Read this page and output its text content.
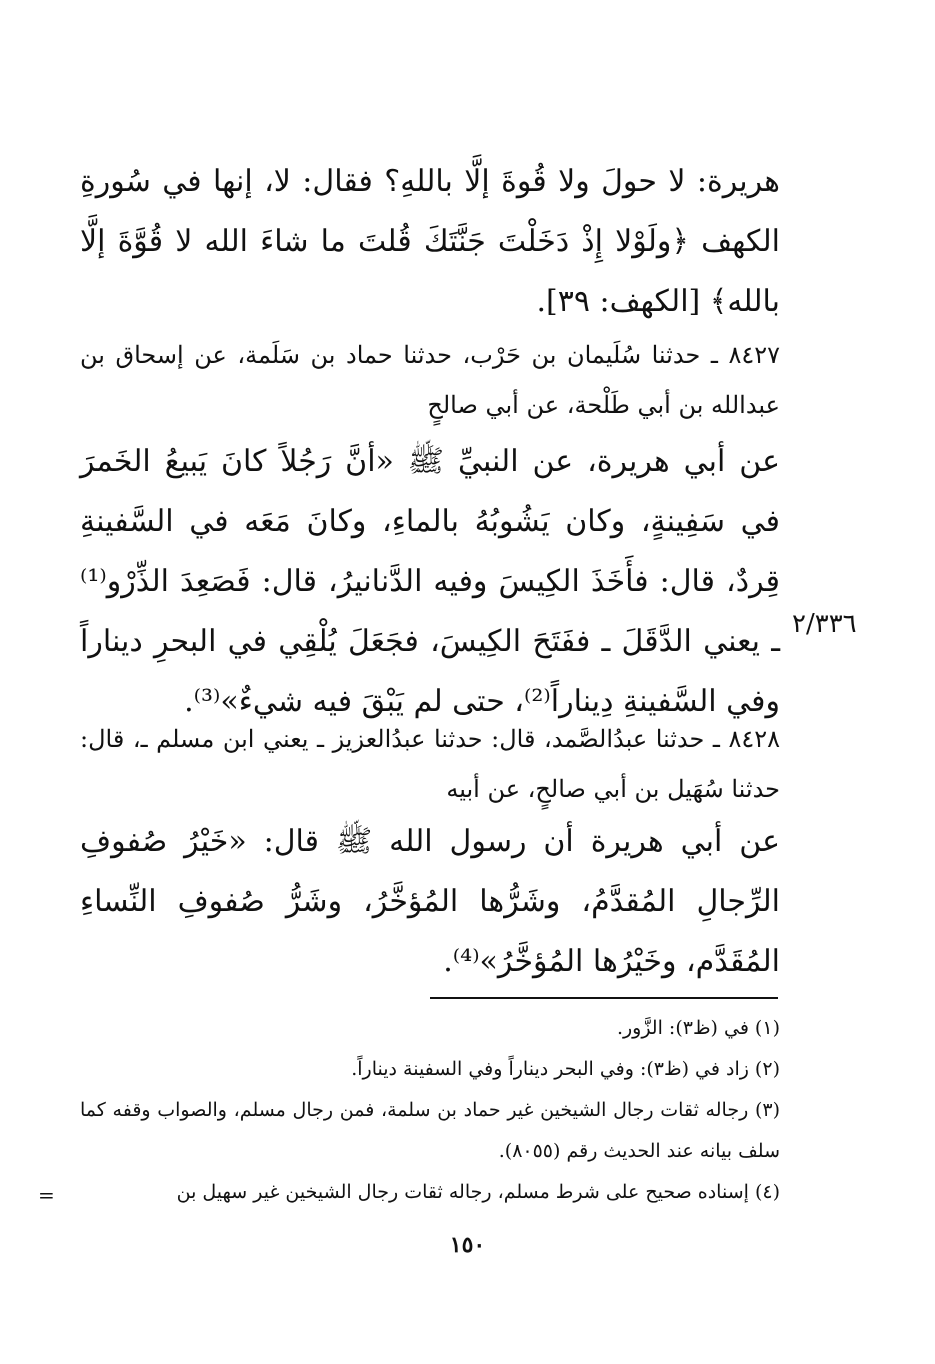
هريرة: لا حولَ ولا قُوةَ إلَّا باللهِ؟ فقال: لا، إنها في سُورةِ الكهف ﴿ولَوْلا إِذْ دَخَلْتَ جَنَّتَكَ قُلتَ ما شاءَ الله لا قُوَّةَ إلَّا بالله﴾ [الكهف: ٣٩].

٨٤٢٧ ـ حدثنا سُلَيمان بن حَرْب، حدثنا حماد بن سَلَمة، عن إسحاق بن عبدالله بن أبي طَلْحة، عن أبي صالحٍ

عن أبي هريرة، عن النبيِّ ﷺ «أنَّ رَجُلاً كانَ يَبيعُ الخَمرَ في سَفِينةٍ، وكان يَشُوبُهُ بالماءِ، وكانَ مَعَه في السَّفينةِ قِردٌ، قال: فأَخَذَ الكِيسَ وفيه الدَّنانيرُ، قال: فَصَعِدَ الذِّرْو⁽¹⁾ ـ يعني الدَّقَلَ ـ ففَتَحَ الكِيسَ، فجَعَلَ يُلْقِي في البحرِ ديناراً وفي السَّفينةِ دِيناراً⁽²⁾، حتى لم يَبْقَ فيه شيءٌ»⁽³⁾.

٢/٣٣٦

٨٤٢٨ ـ حدثنا عبدُالصَّمد، قال: حدثنا عبدُالعزيز ـ يعني ابن مسلم ـ، قال: حدثنا سُهَيل بن أبي صالحٍ، عن أبيه

عن أبي هريرة أن رسول الله ﷺ قال: «خَيْرُ صُفوفِ الرِّجالِ المُقدَّمُ، وشَرُّها المُؤخَّرُ، وشَرُّ صُفوفِ النِّساءِ المُقَدَّم، وخَيْرُها المُؤخَّرُ»⁽⁴⁾.

(١) في (ظ٣): الزَّور.

(٢) زاد في (ظ٣): وفي البحر ديناراً وفي السفينة ديناراً.

(٣) رجاله ثقات رجال الشيخين غير حماد بن سلمة، فمن رجال مسلم، والصواب وقفه كما سلف بيانه عند الحديث رقم (٨٠٥٥).

(٤) إسناده صحيح على شرط مسلم، رجاله ثقات رجال الشيخين غير سهيل بن

=
١٥٠
